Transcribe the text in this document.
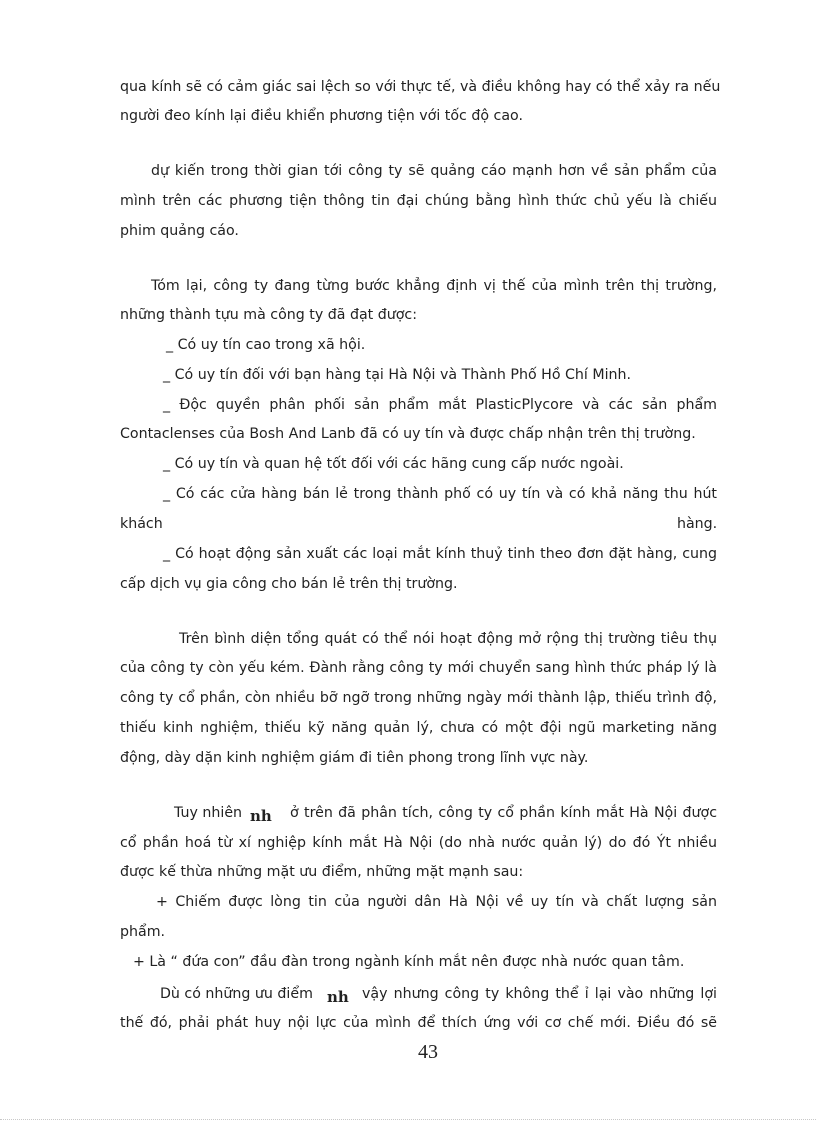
qua kính sẽ có cảm giác sai lệch so với thực tế, và điều không hay có thể xảy ra nếu
người đeo kính lại điều khiển phương tiện với tốc độ cao.
dự kiến trong thời gian tới công ty sẽ quảng cáo mạnh hơn về sản phẩm của
mình trên các phương tiện thông tin đại chúng bằng hình thức chủ yếu là chiếu
phim quảng cáo.
Tóm lại, công ty đang từng bước khẳng định vị thế của mình trên thị trường,
những thành tựu mà công ty đã đạt được:
_ Có uy tín cao trong xã hội.
_ Có uy tín đối với bạn hàng tại Hà Nội và Thành Phố Hồ Chí Minh.
_ Độc quyền phân phối sản phẩm mắt PlasticPlycore và các sản phẩm
Contaclenses của Bosh And Lanb đã có uy tín và được chấp nhận trên thị trường.
_ Có uy tín và quan hệ tốt đối với các hãng cung cấp nước ngoài.
_ Có các cửa hàng bán lẻ trong thành phố có uy tín và có khả năng thu hút
khách	hàng.
_ Có hoạt động sản xuất các loại mắt kính thuỷ tinh theo đơn đặt hàng, cung
cấp dịch vụ gia công cho bán lẻ trên thị trường.
Trên bình diện tổng quát có thể nói hoạt động mở rộng thị trường tiêu thụ
của công ty còn yếu kém. Đành rằng công ty mới chuyển sang hình thức pháp lý là
công ty cổ phần, còn nhiều bỡ ngỡ trong những ngày mới thành lập, thiếu trình độ,
thiếu kinh nghiệm, thiếu kỹ năng quản lý, chưa có một đội ngũ marketing năng
động, dày dặn kinh nghiệm giám đi tiên phong trong lĩnh vực này.
Tuy nhiên nh ở trên đã phân tích, công ty cổ phần kính mắt Hà Nội được
cổ phần hoá từ xí nghiệp kính mắt Hà Nội (do nhà nước quản lý) do đó Ýt nhiều
được kế thừa những mặt ưu điểm, những mặt mạnh sau:
+ Chiếm được lòng tin của người dân Hà Nội về uy tín và chất lượng sản
phẩm.
+ Là “ đứa con” đầu đàn trong ngành kính mắt nên được nhà nước quan tâm.
Dù có những ưu điểm nh vậy nhưng công ty không thể ỉ lại vào những lợi
thế đó, phải phát huy nội lực của mình để thích ứng với cơ chế mới. Điều đó sẽ
43
